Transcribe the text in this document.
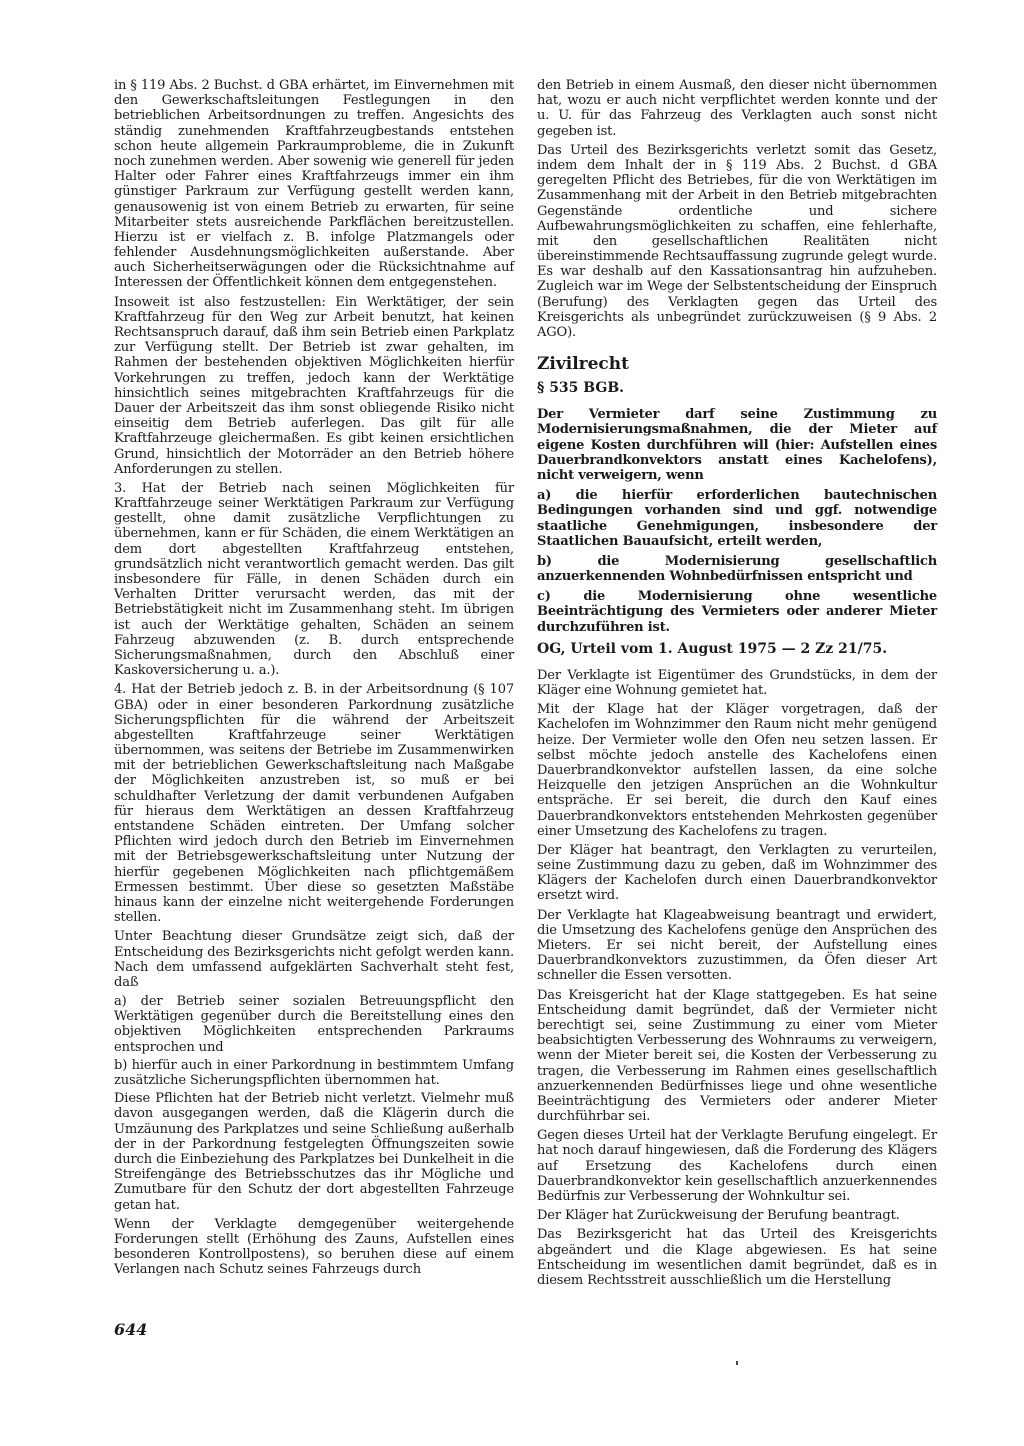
in § 119 Abs. 2 Buchst. d GBA erhärtet, im Einvernehmen mit den Gewerkschaftsleitungen Festlegungen in den betrieblichen Arbeitsordnungen zu treffen. Angesichts des ständig zunehmenden Kraftfahrzeugbestands entstehen schon heute allgemein Parkraumprobleme, die in Zukunft noch zunehmen werden. Aber sowenig wie generell für jeden Halter oder Fahrer eines Kraftfahrzeugs immer ein ihm günstiger Parkraum zur Verfügung gestellt werden kann, genausowenig ist von einem Betrieb zu erwarten, für seine Mitarbeiter stets ausreichende Parkflächen bereitzustellen. Hierzu ist er vielfach z. B. infolge Platzmangels oder fehlender Ausdehnungsmöglichkeiten außerstande. Aber auch Sicherheitserwägungen oder die Rücksichtnahme auf Interessen der Öffentlichkeit können dem entgegenstehen.

Insoweit ist also festzustellen: Ein Werktätiger, der sein Kraftfahrzeug für den Weg zur Arbeit benutzt, hat keinen Rechtsanspruch darauf, daß ihm sein Betrieb einen Parkplatz zur Verfügung stellt. Der Betrieb ist zwar gehalten, im Rahmen der bestehenden objektiven Möglichkeiten hierfür Vorkehrungen zu treffen, jedoch kann der Werktätige hinsichtlich seines mitgebrachten Kraftfahrzeugs für die Dauer der Arbeitszeit das ihm sonst obliegende Risiko nicht einseitig dem Betrieb auferlegen. Das gilt für alle Kraftfahrzeuge gleichermaßen. Es gibt keinen ersichtlichen Grund, hinsichtlich der Motorräder an den Betrieb höhere Anforderungen zu stellen.

3. Hat der Betrieb nach seinen Möglichkeiten für Kraftfahrzeuge seiner Werktätigen Parkraum zur Verfügung gestellt, ohne damit zusätzliche Verpflichtungen zu übernehmen, kann er für Schäden, die einem Werktätigen an dem dort abgestellten Kraftfahrzeug entstehen, grundsätzlich nicht verantwortlich gemacht werden. Das gilt insbesondere für Fälle, in denen Schäden durch ein Verhalten Dritter verursacht werden, das mit der Betriebstätigkeit nicht im Zusammenhang steht. Im übrigen ist auch der Werktätige gehalten, Schäden an seinem Fahrzeug abzuwenden (z. B. durch entsprechende Sicherungsmaßnahmen, durch den Abschluß einer Kaskoversicherung u. a.).

4. Hat der Betrieb jedoch z. B. in der Arbeitsordnung (§ 107 GBA) oder in einer besonderen Parkordnung zusätzliche Sicherungspflichten für die während der Arbeitszeit abgestellten Kraftfahrzeuge seiner Werktätigen übernommen, was seitens der Betriebe im Zusammenwirken mit der betrieblichen Gewerkschaftsleitung nach Maßgabe der Möglichkeiten anzustreben ist, so muß er bei schuldhafter Verletzung der damit verbundenen Aufgaben für hieraus dem Werktätigen an dessen Kraftfahrzeug entstandene Schäden eintreten. Der Umfang solcher Pflichten wird jedoch durch den Betrieb im Einvernehmen mit der Betriebsgewerkschaftsleitung unter Nutzung der hierfür gegebenen Möglichkeiten nach pflichtgemäßem Ermessen bestimmt. Über diese so gesetzten Maßstäbe hinaus kann der einzelne nicht weitergehende Forderungen stellen.

Unter Beachtung dieser Grundsätze zeigt sich, daß der Entscheidung des Bezirksgerichts nicht gefolgt werden kann. Nach dem umfassend aufgeklärten Sachverhalt steht fest, daß

a) der Betrieb seiner sozialen Betreuungspflicht den Werktätigen gegenüber durch die Bereitstellung eines den objektiven Möglichkeiten entsprechenden Parkraums entsprochen und

b) hierfür auch in einer Parkordnung in bestimmtem Umfang zusätzliche Sicherungspflichten übernommen hat.

Diese Pflichten hat der Betrieb nicht verletzt. Vielmehr muß davon ausgegangen werden, daß die Klägerin durch die Umzäunung des Parkplatzes und seine Schließung außerhalb der in der Parkordnung festgelegten Öffnungszeiten sowie durch die Einbeziehung des Parkplatzes bei Dunkelheit in die Streifengänge des Betriebsschutzes das ihr Mögliche und Zumutbare für den Schutz der dort abgestellten Fahrzeuge getan hat.

Wenn der Verklagte demgegenüber weitergehende Forderungen stellt (Erhöhung des Zauns, Aufstellen eines besonderen Kontrollpostens), so beruhen diese auf einem Verlangen nach Schutz seines Fahrzeugs durch

den Betrieb in einem Ausmaß, den dieser nicht übernommen hat, wozu er auch nicht verpflichtet werden konnte und der u. U. für das Fahrzeug des Verklagten auch sonst nicht gegeben ist.

Das Urteil des Bezirksgerichts verletzt somit das Gesetz, indem dem Inhalt der in § 119 Abs. 2 Buchst. d GBA geregelten Pflicht des Betriebes, für die von Werktätigen im Zusammenhang mit der Arbeit in den Betrieb mitgebrachten Gegenstände ordentliche und sichere Aufbewahrungsmöglichkeiten zu schaffen, eine fehlerhafte, mit den gesellschaftlichen Realitäten nicht übereinstimmende Rechtsauffassung zugrunde gelegt wurde. Es war deshalb auf den Kassationsantrag hin aufzuheben. Zugleich war im Wege der Selbstentscheidung der Einspruch (Berufung) des Verklagten gegen das Urteil des Kreisgerichts als unbegründet zurückzuweisen (§ 9 Abs. 2 AGO).

Zivilrecht
§ 535 BGB.

Der Vermieter darf seine Zustimmung zu Modernisierungsmaßnahmen, die der Mieter auf eigene Kosten durchführen will (hier: Aufstellen eines Dauerbrandkonvektors anstatt eines Kachelofens), nicht verweigern, wenn

a) die hierfür erforderlichen bautechnischen Bedingungen vorhanden sind und ggf. notwendige staatliche Genehmigungen, insbesondere der Staatlichen Bauaufsicht, erteilt werden,

b) die Modernisierung gesellschaftlich anzuerkennenden Wohnbedürfnissen entspricht und

c) die Modernisierung ohne wesentliche Beeinträchtigung des Vermieters oder anderer Mieter durchzuführen ist.

OG, Urteil vom 1. August 1975 — 2 Zz 21/75.

Der Verklagte ist Eigentümer des Grundstücks, in dem der Kläger eine Wohnung gemietet hat.

Mit der Klage hat der Kläger vorgetragen, daß der Kachelofen im Wohnzimmer den Raum nicht mehr genügend heize. Der Vermieter wolle den Ofen neu setzen lassen. Er selbst möchte jedoch anstelle des Kachelofens einen Dauerbrandkonvektor aufstellen lassen, da eine solche Heizquelle den jetzigen Ansprüchen an die Wohnkultur entspräche. Er sei bereit, die durch den Kauf eines Dauerbrandkonvektors entstehenden Mehrkosten gegenüber einer Umsetzung des Kachelofens zu tragen.

Der Kläger hat beantragt, den Verklagten zu verurteilen, seine Zustimmung dazu zu geben, daß im Wohnzimmer des Klägers der Kachelofen durch einen Dauerbrandkonvektor ersetzt wird.

Der Verklagte hat Klageabweisung beantragt und erwidert, die Umsetzung des Kachelofens genüge den Ansprüchen des Mieters. Er sei nicht bereit, der Aufstellung eines Dauerbrandkonvektors zuzustimmen, da Öfen dieser Art schneller die Essen versotten.

Das Kreisgericht hat der Klage stattgegeben. Es hat seine Entscheidung damit begründet, daß der Vermieter nicht berechtigt sei, seine Zustimmung zu einer vom Mieter beabsichtigten Verbesserung des Wohnraums zu verweigern, wenn der Mieter bereit sei, die Kosten der Verbesserung zu tragen, die Verbesserung im Rahmen eines gesellschaftlich anzuerkennenden Bedürfnisses liege und ohne wesentliche Beeinträchtigung des Vermieters oder anderer Mieter durchführbar sei.

Gegen dieses Urteil hat der Verklagte Berufung eingelegt. Er hat noch darauf hingewiesen, daß die Forderung des Klägers auf Ersetzung des Kachelofens durch einen Dauerbrandkonvektor kein gesellschaftlich anzuerkennendes Bedürfnis zur Verbesserung der Wohnkultur sei.

Der Kläger hat Zurückweisung der Berufung beantragt.

Das Bezirksgericht hat das Urteil des Kreisgerichts abgeändert und die Klage abgewiesen. Es hat seine Entscheidung im wesentlichen damit begründet, daß es in diesem Rechtsstreit ausschließlich um die Herstellung

644
